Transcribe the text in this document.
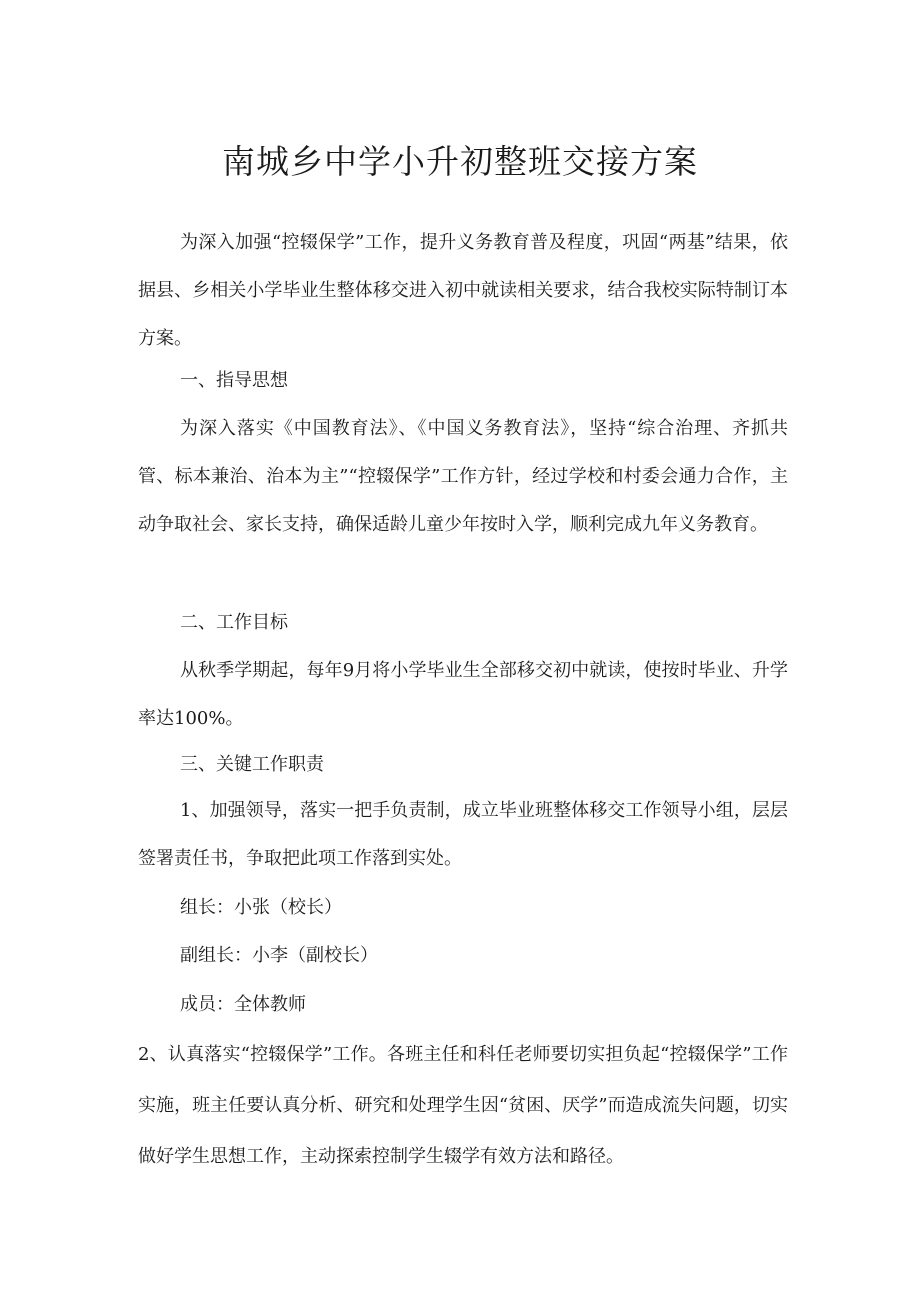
南城乡中学小升初整班交接方案

为深入加强“控辍保学”工作，提升义务教育普及程度，巩固“两基”结果，依据县、乡相关小学毕业生整体移交进入初中就读相关要求，结合我校实际特制订本方案。

一、指导思想

为深入落实《中国教育法》、《中国义务教育法》，坚持“综合治理、齐抓共管、标本兼治、治本为主”“控辍保学”工作方针，经过学校和村委会通力合作，主动争取社会、家长支持，确保适龄儿童少年按时入学，顺利完成九年义务教育。

二、工作目标

从秋季学期起，每年9月将小学毕业生全部移交初中就读，使按时毕业、升学率达100%。

三、关键工作职责

1、加强领导，落实一把手负责制，成立毕业班整体移交工作领导小组，层层签署责任书，争取把此项工作落到实处。

组长：小张（校长）

副组长：小李（副校长）

成员：全体教师

2、认真落实“控辍保学”工作。各班主任和科任老师要切实担负起“控辍保学”工作实施，班主任要认真分析、研究和处理学生因“贫困、厌学”而造成流失问题，切实做好学生思想工作，主动探索控制学生辍学有效方法和路径。
